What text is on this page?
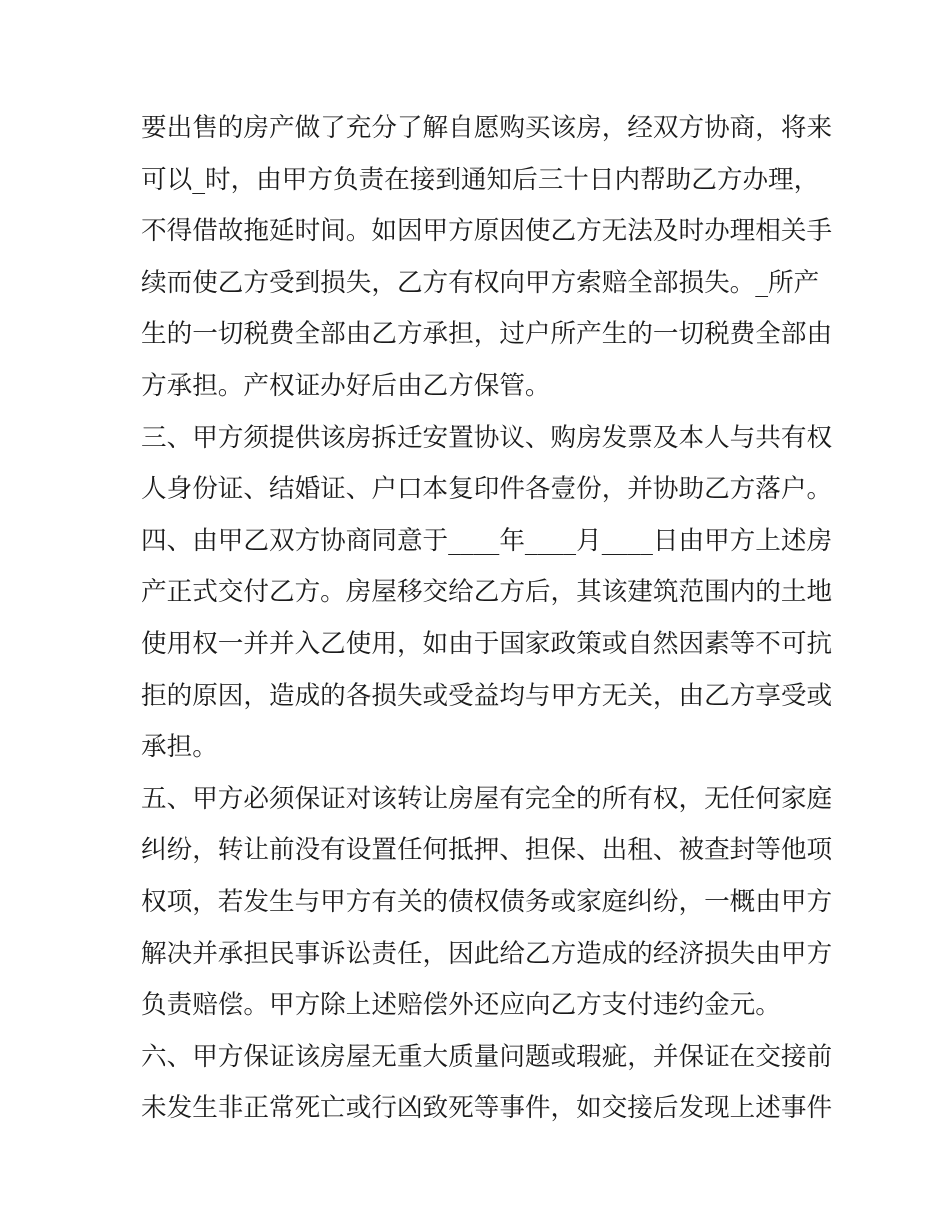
要出售的房产做了充分了解自愿购买该房，经双方协商，将来
可以_时，由甲方负责在接到通知后三十日内帮助乙方办理，
不得借故拖延时间。如因甲方原因使乙方无法及时办理相关手
续而使乙方受到损失，乙方有权向甲方索赔全部损失。_所产
生的一切税费全部由乙方承担，过户所产生的一切税费全部由
方承担。产权证办好后由乙方保管。
三、甲方须提供该房拆迁安置协议、购房发票及本人与共有权
人身份证、结婚证、户口本复印件各壹份，并协助乙方落户。
四、由甲乙双方协商同意于____年____月____日由甲方上述房
产正式交付乙方。房屋移交给乙方后，其该建筑范围内的土地
使用权一并并入乙使用，如由于国家政策或自然因素等不可抗
拒的原因，造成的各损失或受益均与甲方无关，由乙方享受或
承担。
五、甲方必须保证对该转让房屋有完全的所有权，无任何家庭
纠纷，转让前没有设置任何抵押、担保、出租、被查封等他项
权项，若发生与甲方有关的债权债务或家庭纠纷，一概由甲方
解决并承担民事诉讼责任，因此给乙方造成的经济损失由甲方
负责赔偿。甲方除上述赔偿外还应向乙方支付违约金元。
六、甲方保证该房屋无重大质量问题或瑕疵，并保证在交接前
未发生非正常死亡或行凶致死等事件，如交接后发现上述事件
